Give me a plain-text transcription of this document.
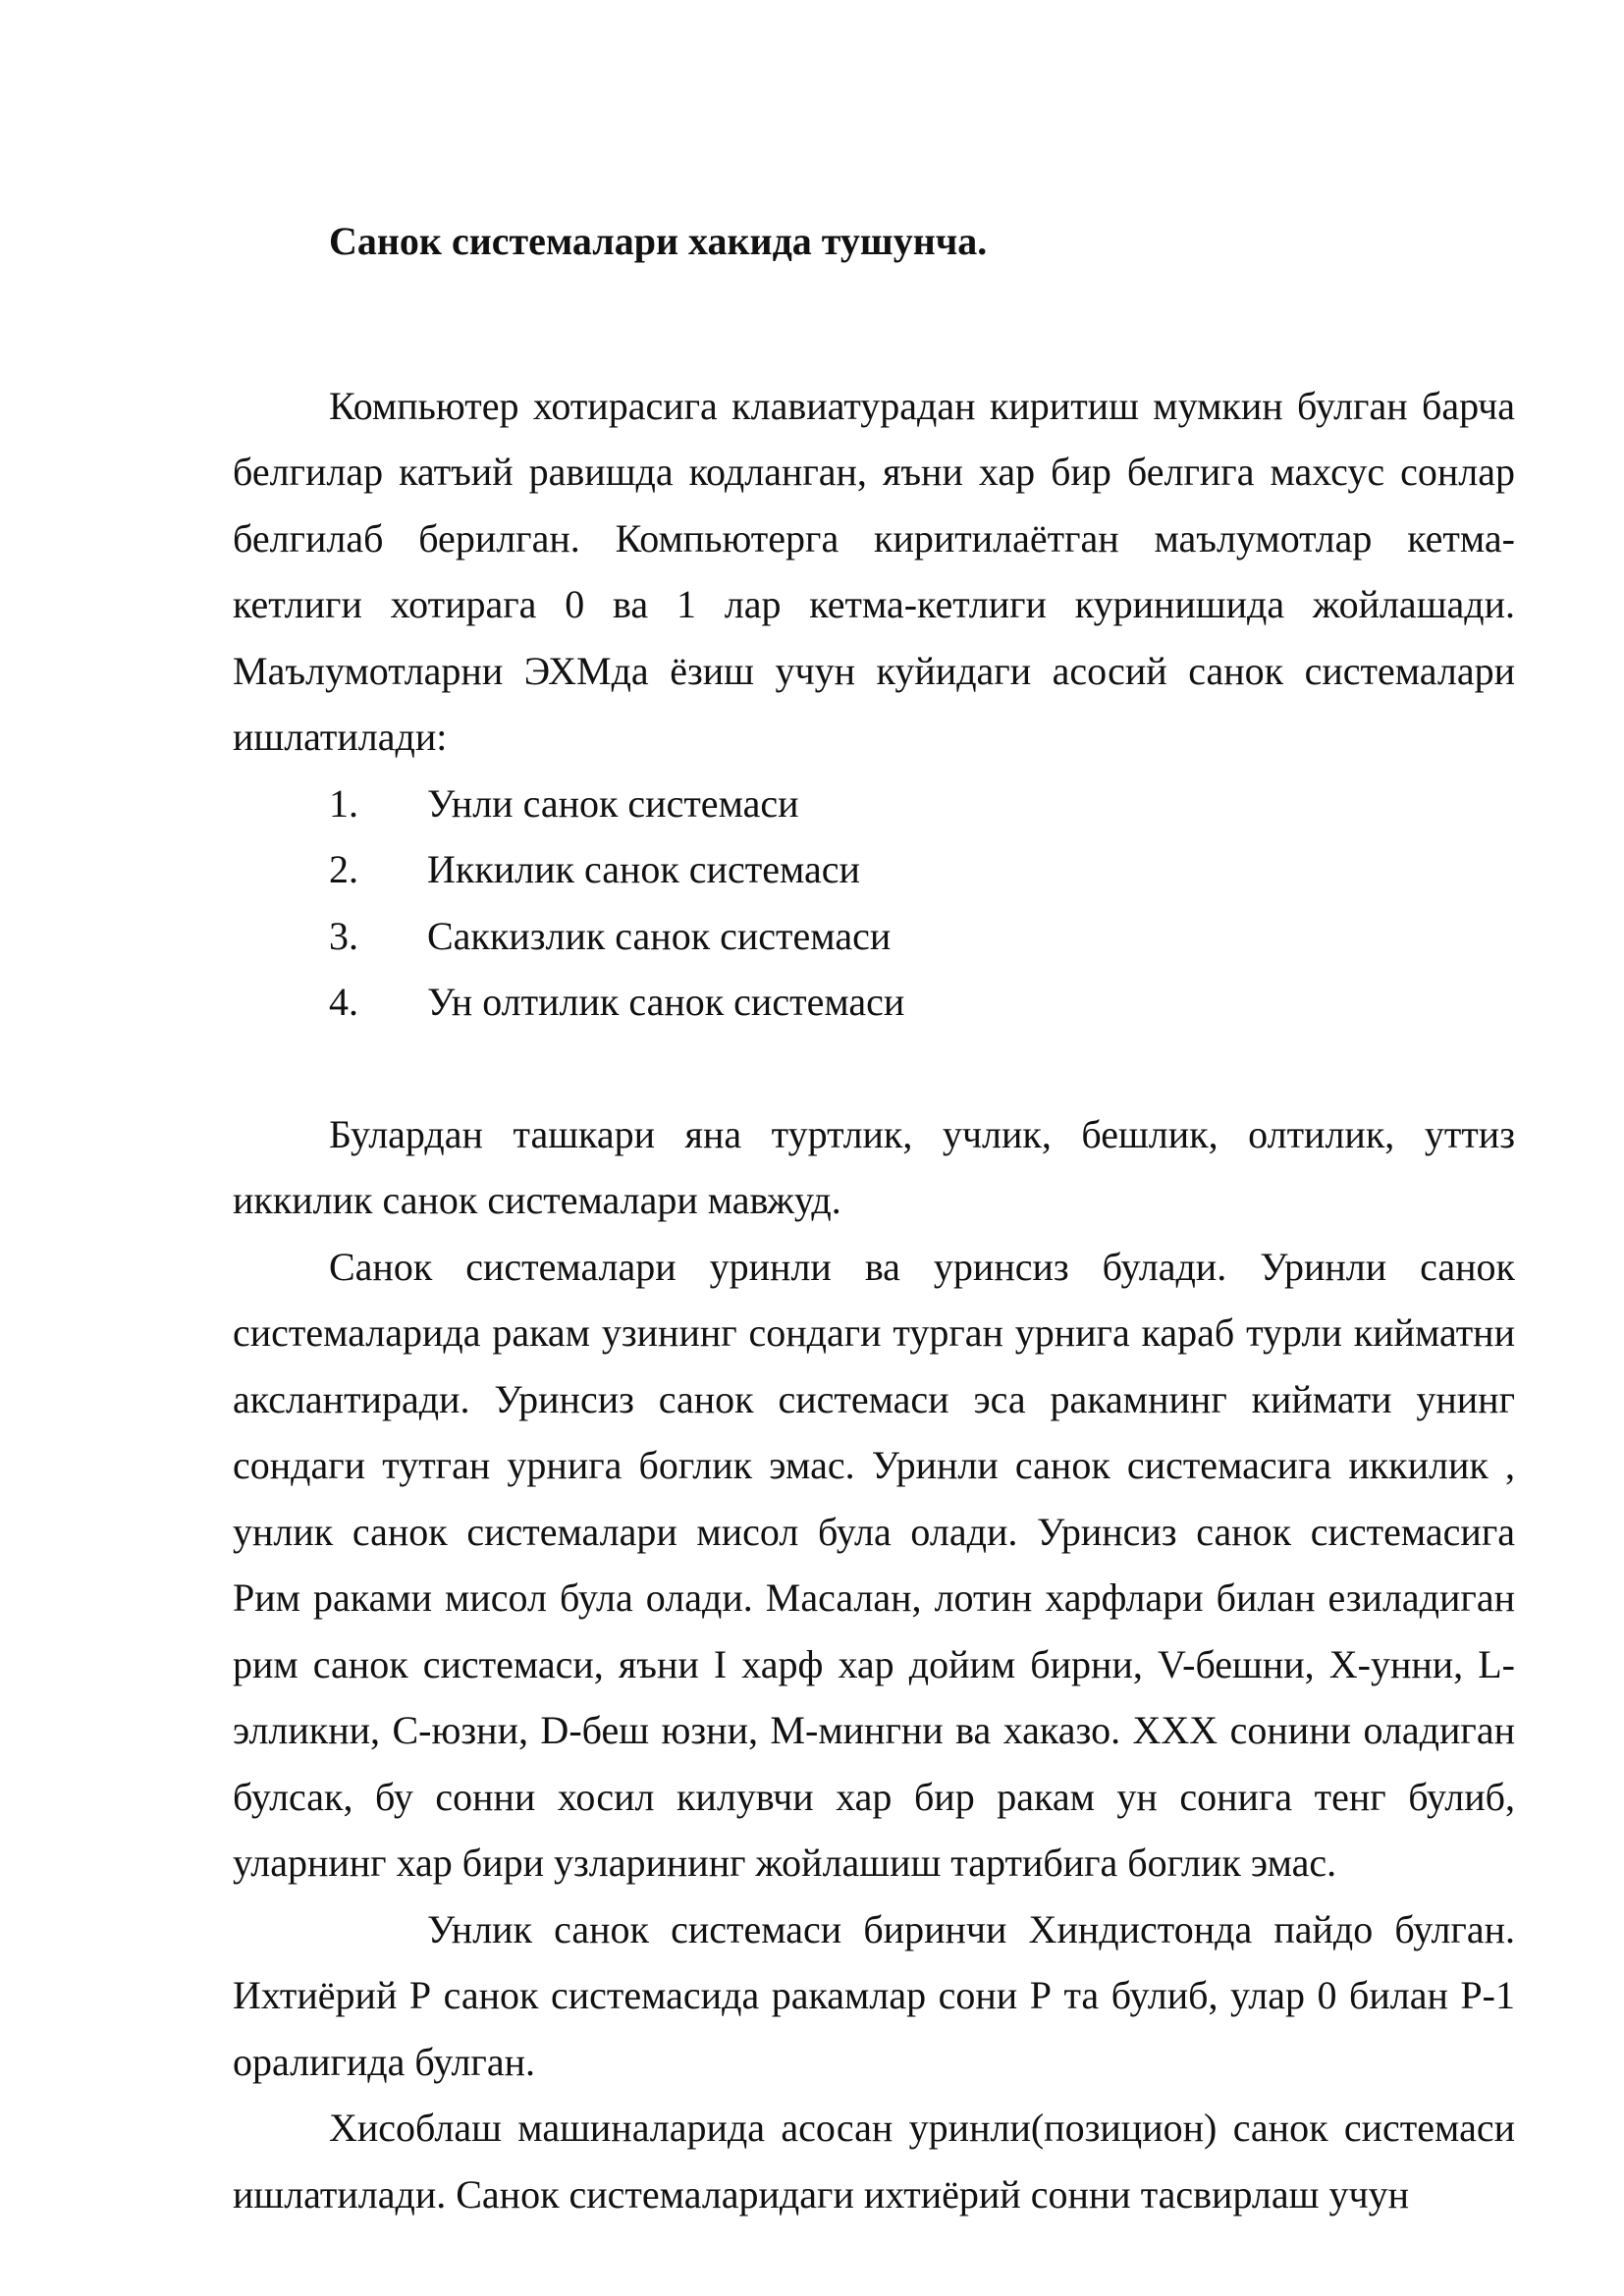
Санок системалари хакида тушунча.

Компьютер хотирасига клавиатурадан киритиш мумкин булган барча белгилар катъий равишда кодланган, яъни хар бир белгига махсус сонлар белгилаб берилган. Компьютерга киритилаётган маълумотлар кетма-кетлиги хотирага 0 ва 1 лар кетма-кетлиги куринишида жойлашади. Маълумотларни ЭХМда ёзиш учун куйидаги асосий санок системалари ишлатилади:

1.	Унли санок системаси
2.	Иккилик санок системаси
3.	Саккизлик санок системаси
4.	Ун олтилик санок системаси

Булардан ташкари яна туртлик, учлик, бешлик, олтилик, уттиз иккилик санок системалари мавжуд.

Санок системалари уринли ва уринсиз булади. Уринли санок системаларида ракам узининг сондаги турган урнига караб турли кийматни акслантиради. Уринсиз санок системаси эса ракамнинг киймати унинг сондаги тутган урнига боглик эмас. Уринли санок системасига иккилик , унлик санок системалари мисол була олади. Уринсиз санок системасига Рим раками мисол була олади. Масалан, лотин харфлари билан езиладиган рим санок системаси, яъни I харф хар дойим бирни, V-бешни, X-унни, L-элликни, C-юзни, D-беш юзни, M-мингни ва хаказо. XXX сонини оладиган булсак, бу сонни хосил килувчи хар бир ракам ун сонига тенг булиб, уларнинг хар бири узларининг жойлашиш тартибига боглик эмас.

Унлик санок системаси биринчи Хиндистонда пайдо булган. Ихтиёрий Р санок системасида ракамлар сони Р та булиб, улар 0 билан Р-1 оралигида булган.

Хисоблаш машиналарида асосан уринли(позицион) санок системаси ишлатилади. Санок системаларидаги ихтиёрий сонни тасвирлаш учун
